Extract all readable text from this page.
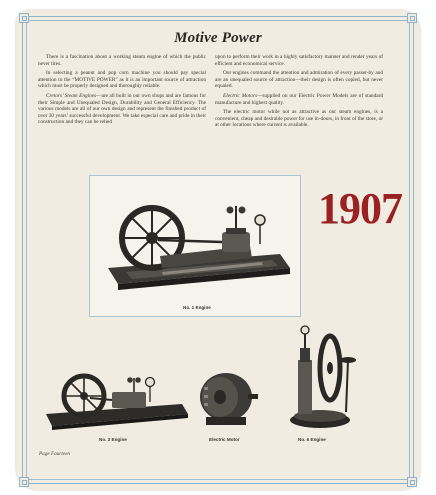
Motive Power

There is a fascination about a working steam engine of which the public never tires.

In selecting a peanut and pop corn machine you should pay special attention to the “MOTIVE POWER” as it is an important source of attraction which must be properly designed and thoroughly reliable.

Cretors’ Steam Engines—are all built in our own shops and are famous for their Simple and Unequaled Design, Durability and General Efficiency. The various models are all of our own design and represent the finished product of over 30 years’ successful development. We take especial care and pride in their construction and they can be relied

upon to perform their work in a highly satisfactory manner and render years of efficient and economical service.

Our engines command the attention and admiration of every passer-by and are an unequaled source of attraction—their design is often copied, but never equaled.

Electric Motors—supplied on our Electric Power Models are of standard manufacture and highest quality.

The electric motor while not as attractive as our steam engines, is a convenient, cheap and desirable power for use in-doors, in front of the store, or at other locations where current is available.

No. 1 Engine
1907
No. 3 Engine	Electric Motor	No. 6 Engine
Page Fourteen
